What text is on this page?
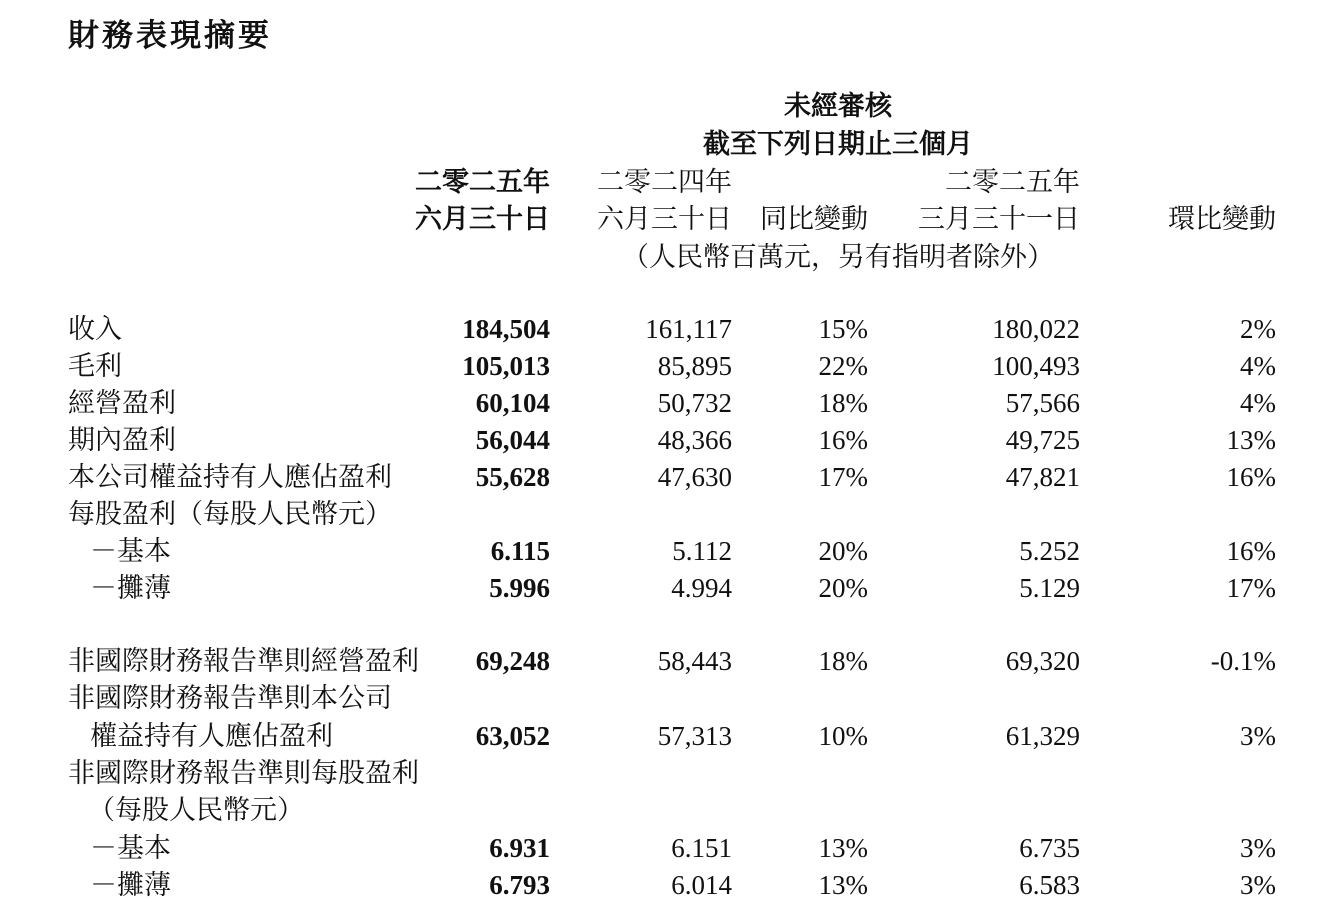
財務表現摘要
未經審核
截至下列日期止三個月
二零二五年
六月三十日
二零二四年
六月三十日	同比變動
二零二五年
三月三十一日	環比變動
（人民幣百萬元，另有指明者除外）
收入	184,504	161,117	15%	180,022	2%
毛利	105,013	85,895	22%	100,493	4%
經營盈利	60,104	50,732	18%	57,566	4%
期內盈利	56,044	48,366	16%	49,725	13%
本公司權益持有人應佔盈利	55,628	47,630	17%	47,821	16%
每股盈利（每股人民幣元）
－基本	6.115	5.112	20%	5.252	16%
－攤薄	5.996	4.994	20%	5.129	17%
非國際財務報告準則經營盈利 69,248	58,443	18%	69,320	-0.1%
非國際財務報告準則本公司
權益持有人應佔盈利	63,052	57,313	10%	61,329	3%
非國際財務報告準則每股盈利
（每股人民幣元）
－基本	6.931	6.151	13%	6.735	3%
－攤薄	6.793	6.014	13%	6.583	3%
